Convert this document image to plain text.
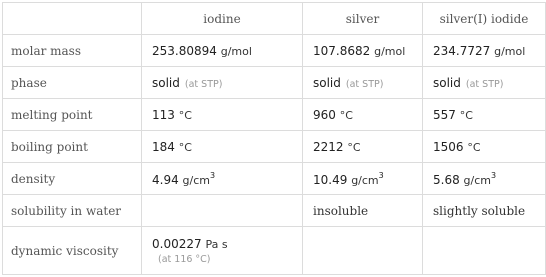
	iodine	silver	silver(I) iodide
molar mass	253.80894 g/mol	107.8682 g/mol	234.7727 g/mol
phase	solid (at STP)	solid (at STP)	solid (at STP)
melting point	113 °C	960 °C	557 °C
boiling point	184 °C	2212 °C	1506 °C
density	4.94 $g/cm^3$	10.49 $g/cm^3$	5.68 $g/cm^3$
solubility in water		insoluble	slightly soluble
dynamic viscosity	0.00227 Pa s
(at 116 °C)		
